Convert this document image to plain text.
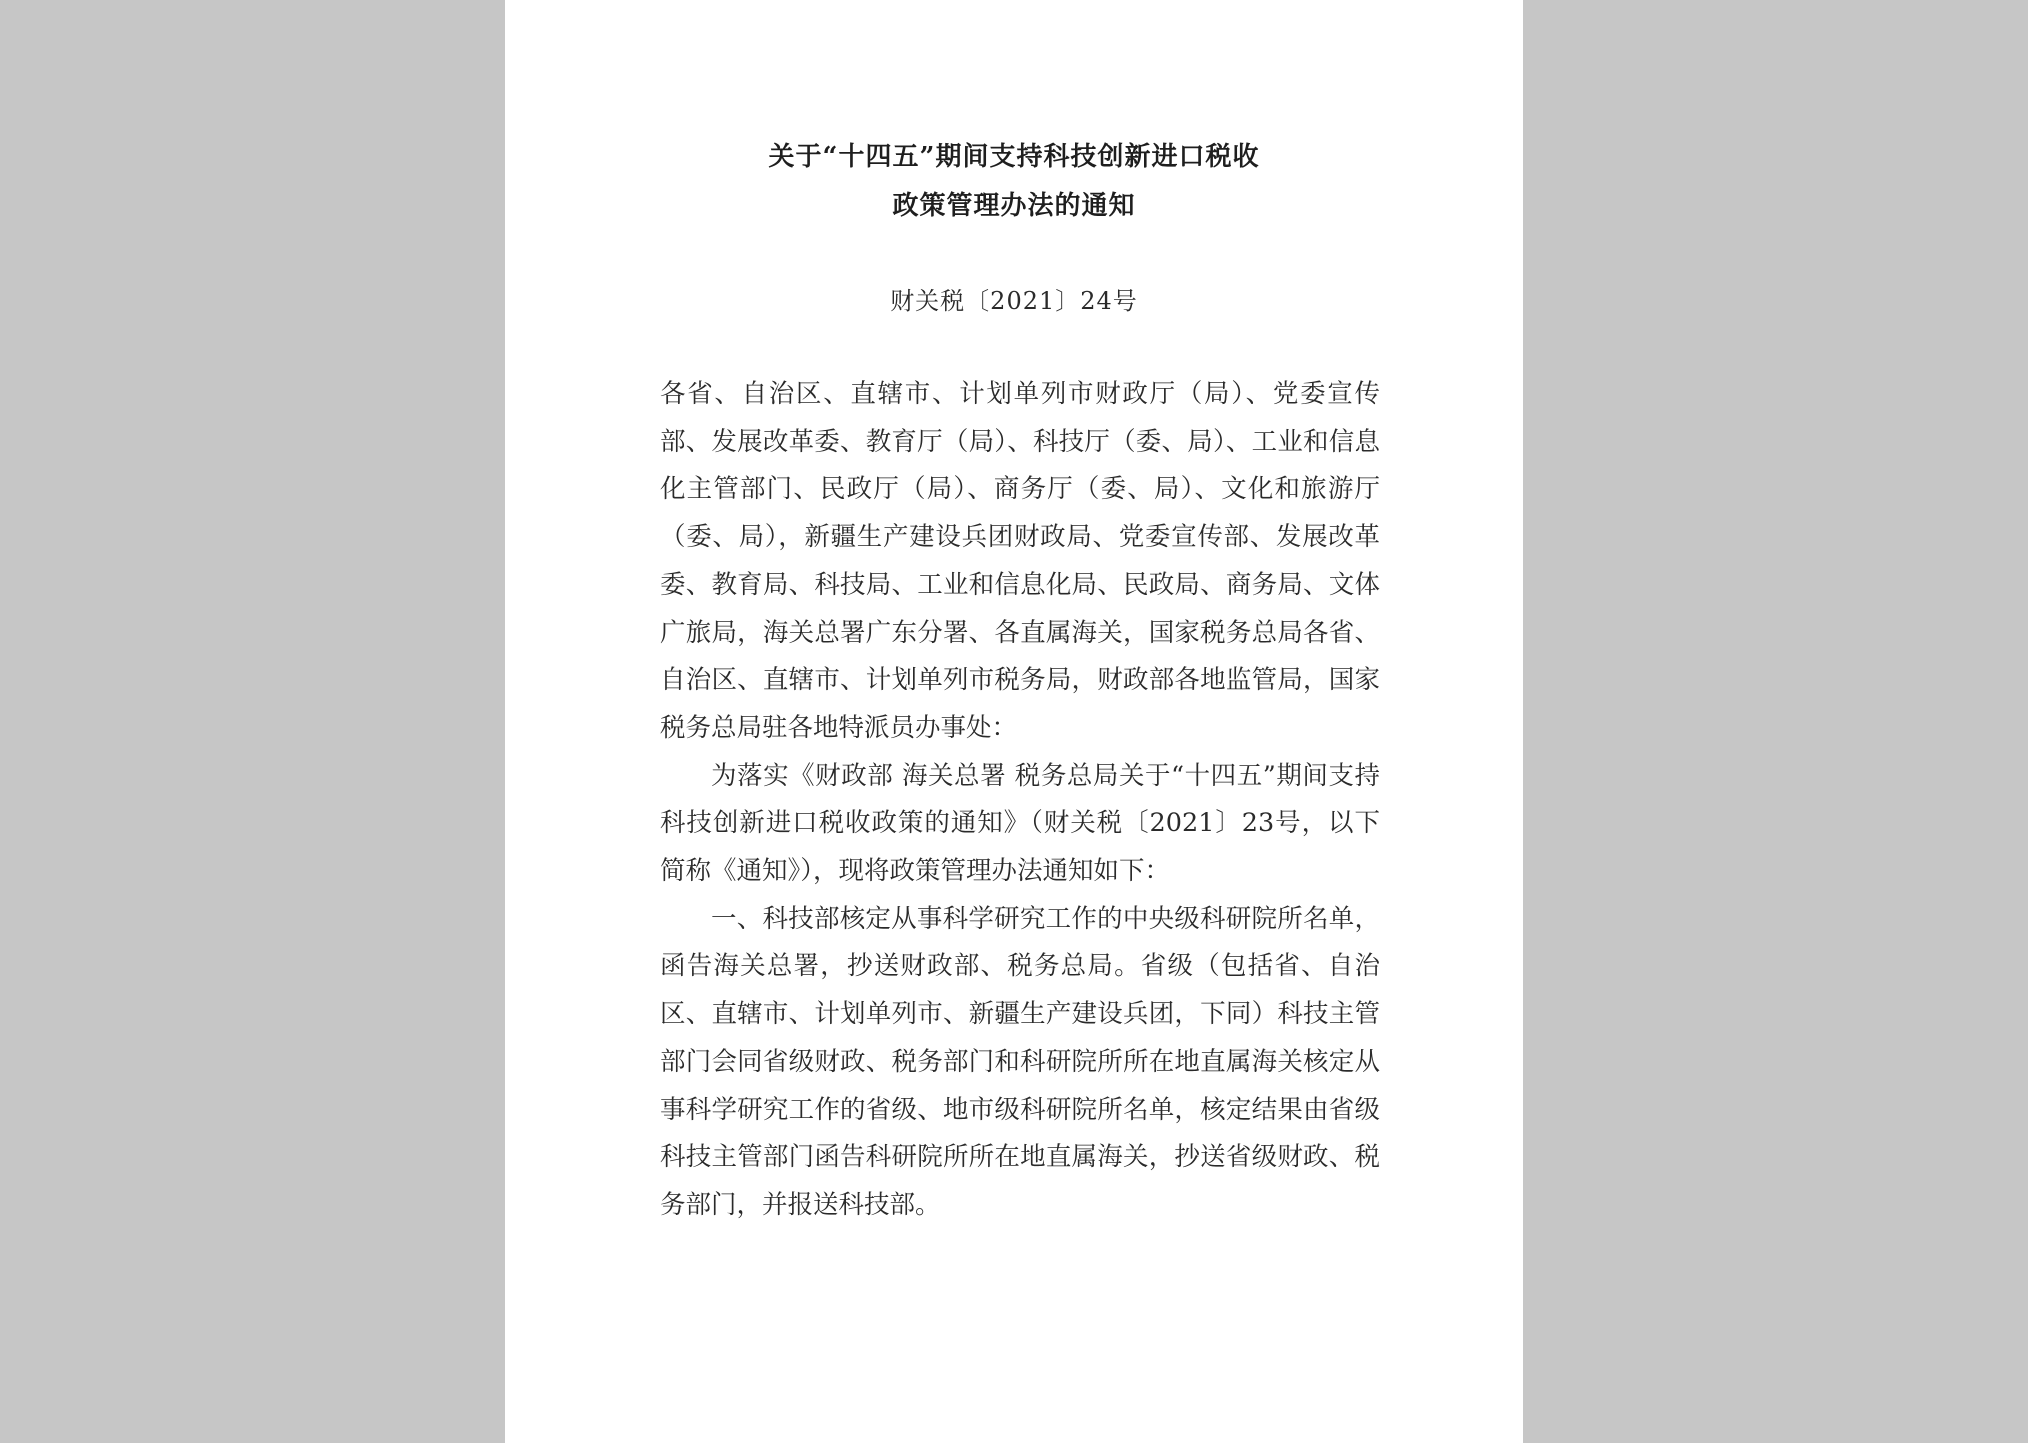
关于“十四五”期间支持科技创新进口税收
政策管理办法的通知
财关税〔2021〕24号

各省、自治区、直辖市、计划单列市财政厅（局）、党委宣传部、发展改革委、教育厅（局）、科技厅（委、局）、工业和信息化主管部门、民政厅（局）、商务厅（委、局）、文化和旅游厅（委、局），新疆生产建设兵团财政局、党委宣传部、发展改革委、教育局、科技局、工业和信息化局、民政局、商务局、文体广旅局，海关总署广东分署、各直属海关，国家税务总局各省、自治区、直辖市、计划单列市税务局，财政部各地监管局，国家税务总局驻各地特派员办事处：

为落实《财政部 海关总署 税务总局关于“十四五”期间支持科技创新进口税收政策的通知》（财关税〔2021〕23号，以下简称《通知》），现将政策管理办法通知如下：

一、科技部核定从事科学研究工作的中央级科研院所名单，函告海关总署，抄送财政部、税务总局。省级（包括省、自治区、直辖市、计划单列市、新疆生产建设兵团，下同）科技主管部门会同省级财政、税务部门和科研院所所在地直属海关核定从事科学研究工作的省级、地市级科研院所名单，核定结果由省级科技主管部门函告科研院所所在地直属海关，抄送省级财政、税务部门，并报送科技部。
